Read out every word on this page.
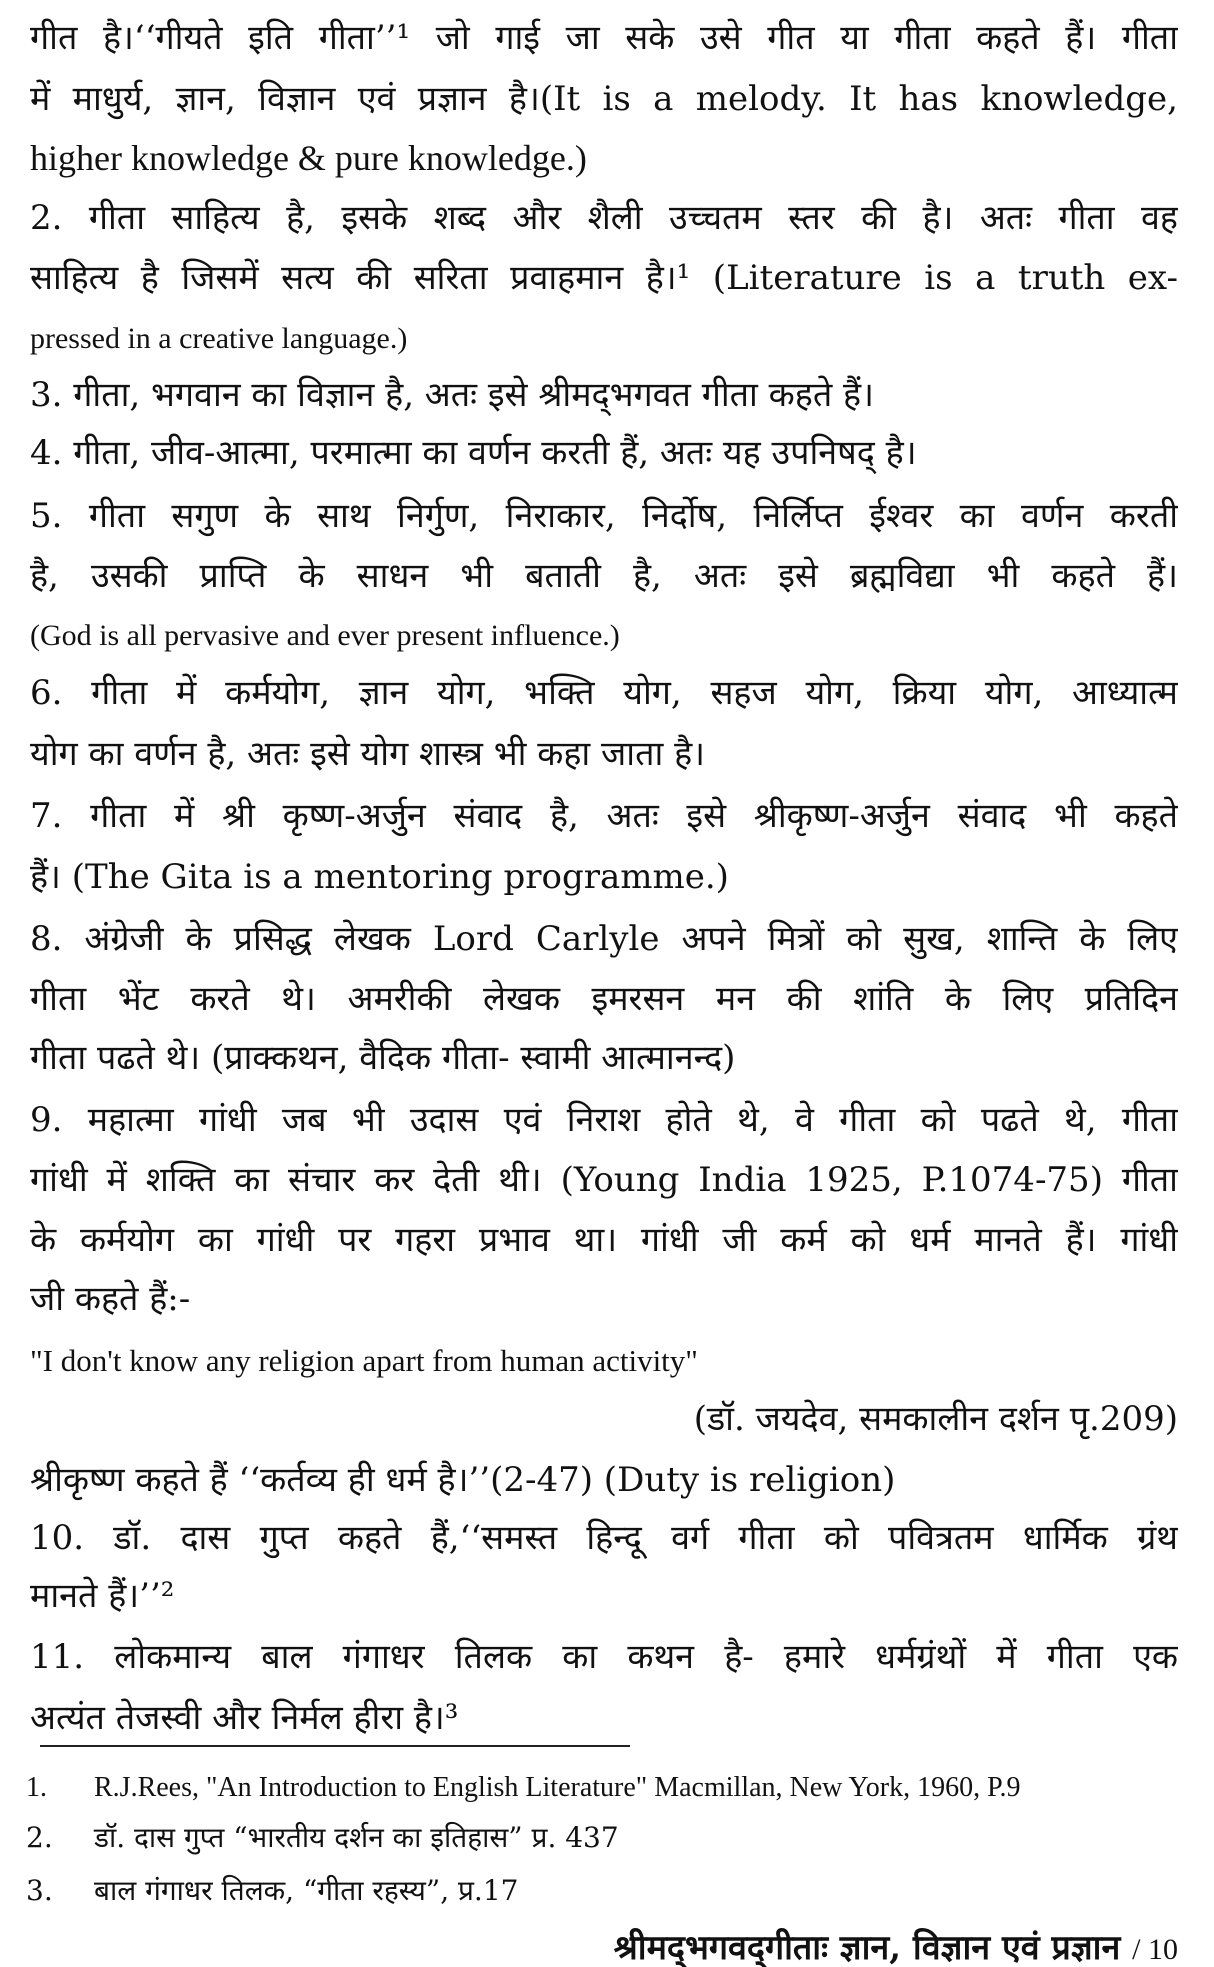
गीत है।‘‘गीयते इति गीता’’¹ जो गाई जा सके उसे गीत या गीता कहते हैं। गीता
में माधुर्य, ज्ञान, विज्ञान एवं प्रज्ञान है।(It is a melody. It has knowledge,
higher knowledge & pure knowledge.)
2. गीता साहित्य है, इसके शब्द और शैली उच्चतम स्तर की है। अतः गीता वह
साहित्य है जिसमें सत्य की सरिता प्रवाहमान है।¹ (Literature is a truth ex-
pressed in a creative language.)
3. गीता, भगवान का विज्ञान है, अतः इसे श्रीमद्‌भगवत गीता कहते हैं।
4. गीता, जीव-आत्मा, परमात्मा का वर्णन करती हैं, अतः यह उपनिषद्‌ है।
5. गीता सगुण के साथ निर्गुण, निराकार, निर्दोष, निर्लिप्त ईश्वर का वर्णन करती
है, उसकी प्राप्ति के साधन भी बताती है, अतः इसे ब्रह्मविद्या भी कहते हैं।
(God is all pervasive and ever present influence.)
6. गीता में कर्मयोग, ज्ञान योग, भक्ति योग, सहज योग, क्रिया योग, आध्यात्म
योग का वर्णन है, अतः इसे योग शास्त्र भी कहा जाता है।
7. गीता में श्री कृष्ण-अर्जुन संवाद है, अतः इसे श्रीकृष्ण-अर्जुन संवाद भी कहते
हैं। (The Gita is a mentoring programme.)
8. अंग्रेजी के प्रसिद्ध लेखक Lord Carlyle अपने मित्रों को सुख, शान्ति के लिए
गीता भेंट करते थे। अमरीकी लेखक इमरसन मन की शांति के लिए प्रतिदिन
गीता पढते थे। (प्राक्कथन, वैदिक गीता- स्वामी आत्मानन्द)
9. महात्मा गांधी जब भी उदास एवं निराश होते थे, वे गीता को पढते थे, गीता
गांधी में शक्ति का संचार कर देती थी। (Young India 1925, P.1074-75) गीता
के कर्मयोग का गांधी पर गहरा प्रभाव था। गांधी जी कर्म को धर्म मानते हैं। गांधी
जी कहते हैं:-
"I don't know any religion apart from human activity"
(डॉ. जयदेव, समकालीन दर्शन पृ.209)
श्रीकृष्ण कहते हैं ‘‘कर्तव्य ही धर्म है।’’(2-47) (Duty is religion)
10. डॉ. दास गुप्त कहते हैं,‘‘समस्त हिन्दू वर्ग गीता को पवित्रतम धार्मिक ग्रंथ
मानते हैं।’’²
11. लोकमान्य बाल गंगाधर तिलक का कथन है- हमारे धर्मग्रंथों में गीता एक
अत्यंत तेजस्वी और निर्मल हीरा है।³
1. R.J.Rees, "An Introduction to English Literature" Macmillan, New York, 1960, P.9
2. डॉ. दास गुप्त “भारतीय दर्शन का इतिहास” प्र. 437
3. बाल गंगाधर तिलक, “गीता रहस्य”, प्र.17
श्रीमद्‌भगवद्‌गीताः ज्ञान, विज्ञान एवं प्रज्ञान / 10
